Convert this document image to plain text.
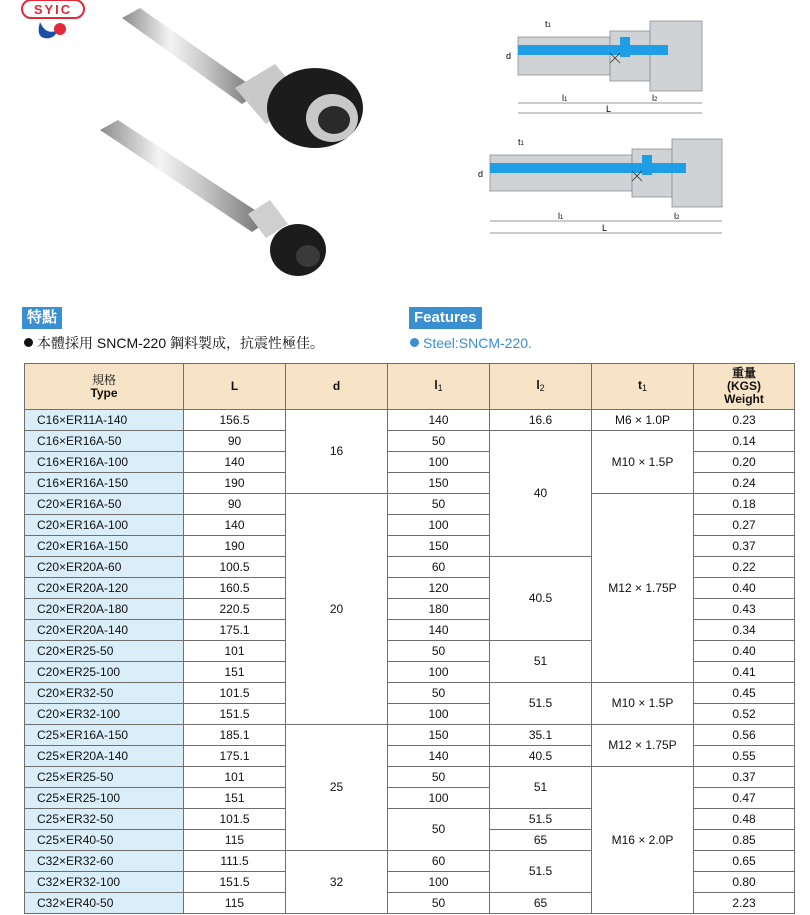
SYIC
t1
d
l1	l2
L
t1
d
l1	l2
L
特點	Features
本體採用 SNCM-220 鋼料製成，抗震性極佳。	Steel:SNCM-220.
規格
Type	L	d	$l_1$	$l_2$	$t_1$	重量
(KGS)
Weight
C16×ER11A-140	156.5	16	140	16.6	M6 × 1.0P	0.23
C16×ER16A-50	90		50	40	M10 × 1.5P	0.14
C16×ER16A-100	140		100			0.20
C16×ER16A-150	190		150			0.24
C20×ER16A-50	90	20	50		M12 × 1.75P	0.18
C20×ER16A-100	140		100			0.27
C20×ER16A-150	190		150			0.37
C20×ER20A-60	100.5		60	40.5		0.22
C20×ER20A-120	160.5		120			0.40
C20×ER20A-180	220.5		180			0.43
C20×ER20A-140	175.1		140			0.34
C20×ER25-50	101		50	51		0.40
C20×ER25-100	151		100			0.41
C20×ER32-50	101.5		50	51.5	M10 × 1.5P	0.45
C20×ER32-100	151.5		100			0.52
C25×ER16A-150	185.1	25	150	35.1	M12 × 1.75P	0.56
C25×ER20A-140	175.1		140	40.5		0.55
C25×ER25-50	101		50	51	M16 × 2.0P	0.37
C25×ER25-100	151		100			0.47
C25×ER32-50	101.5		50	51.5		0.48
C25×ER40-50	115			65		0.85
C32×ER32-60	111.5	32	60	51.5		0.65
C32×ER32-100	151.5		100			0.80
C32×ER40-50	115		50	65		2.23
